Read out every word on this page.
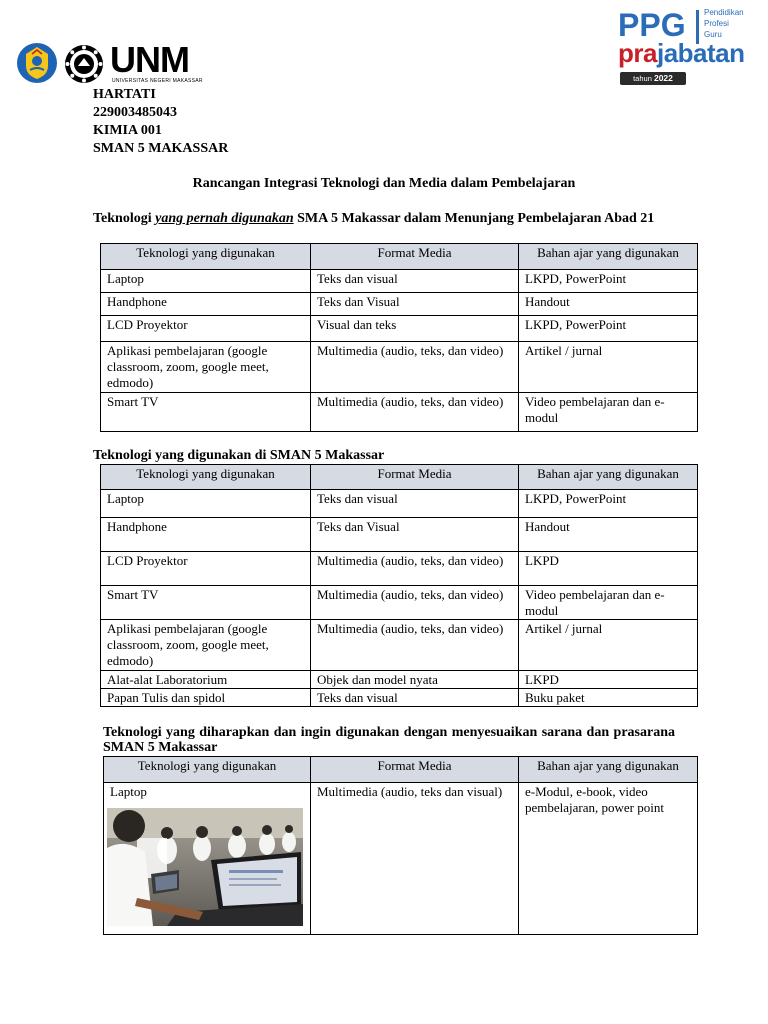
UNM
UNIVERSITAS NEGERI MAKASSAR
PPG Pendidikan
Profesi
Guru
prajabatan
tahun 2022
HARTATI
229003485043
KIMIA 001
SMAN 5 MAKASSAR
Rancangan Integrasi Teknologi dan Media dalam Pembelajaran
Teknologi yang pernah digunakan SMA 5 Makassar dalam Menunjang Pembelajaran Abad 21
Teknologi yang digunakan	Format Media	Bahan ajar yang digunakan
Laptop	Teks dan visual	LKPD, PowerPoint
Handphone	Teks dan Visual	Handout
LCD Proyektor	Visual dan teks	LKPD, PowerPoint
Aplikasi pembelajaran (google classroom, zoom, google meet, edmodo)	Multimedia (audio, teks, dan video)	Artikel / jurnal
Smart TV	Multimedia (audio, teks, dan video)	Video pembelajaran dan e-modul
Teknologi yang digunakan di SMAN 5 Makassar
Teknologi yang digunakan	Format Media	Bahan ajar yang digunakan
Laptop	Teks dan visual	LKPD, PowerPoint
Handphone	Teks dan Visual	Handout
LCD Proyektor	Multimedia (audio, teks, dan video)	LKPD
Smart TV	Multimedia (audio, teks, dan video)	Video pembelajaran dan e-modul
Aplikasi pembelajaran (google classroom, zoom, google meet, edmodo)	Multimedia (audio, teks, dan video)	Artikel / jurnal
Alat-alat Laboratorium	Objek dan model nyata	LKPD
Papan Tulis dan spidol	Teks dan visual	Buku paket
Teknologi yang diharapkan dan ingin digunakan dengan menyesuaikan sarana dan prasarana SMAN 5 Makassar
Teknologi yang digunakan	Format Media	Bahan ajar yang digunakan

Laptop	Multimedia (audio, teks dan visual)	e-Modul, e-book, video pembelajaran, power point
